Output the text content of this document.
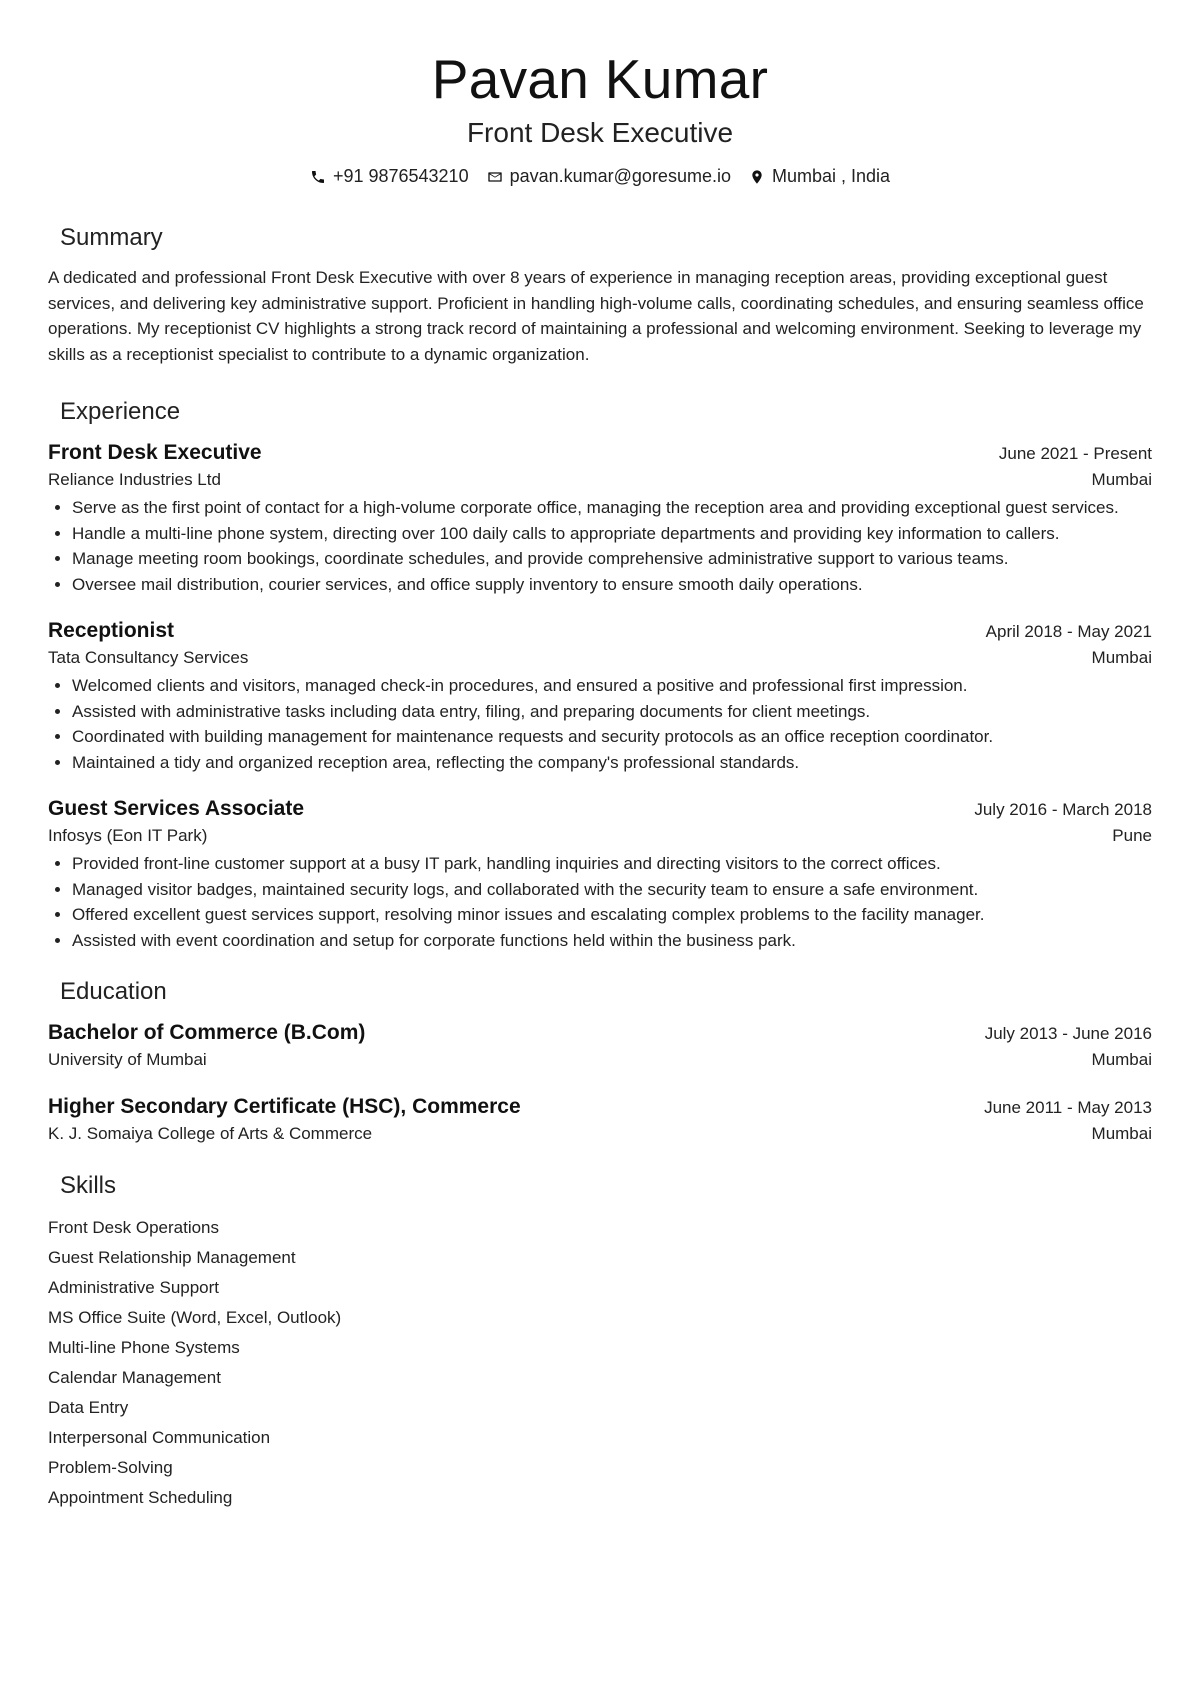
Pavan Kumar
Front Desk Executive
+91 9876543210 pavan.kumar@goresume.io Mumbai , India
Summary

A dedicated and professional Front Desk Executive with over 8 years of experience in managing reception areas, providing exceptional guest services, and delivering key administrative support. Proficient in handling high-volume calls, coordinating schedules, and ensuring seamless office operations. My receptionist CV highlights a strong track record of maintaining a professional and welcoming environment. Seeking to leverage my skills as a receptionist specialist to contribute to a dynamic organization.

Experience
Front Desk Executive	June 2021 - Present
Reliance Industries Ltd	Mumbai
• Serve as the first point of contact for a high-volume corporate office, managing the reception area and providing exceptional guest services.
• Handle a multi-line phone system, directing over 100 daily calls to appropriate departments and providing key information to callers.
• Manage meeting room bookings, coordinate schedules, and provide comprehensive administrative support to various teams.
• Oversee mail distribution, courier services, and office supply inventory to ensure smooth daily operations.
Receptionist	April 2018 - May 2021
Tata Consultancy Services	Mumbai
• Welcomed clients and visitors, managed check-in procedures, and ensured a positive and professional first impression.
• Assisted with administrative tasks including data entry, filing, and preparing documents for client meetings.
• Coordinated with building management for maintenance requests and security protocols as an office reception coordinator.
• Maintained a tidy and organized reception area, reflecting the company's professional standards.
Guest Services Associate	July 2016 - March 2018
Infosys (Eon IT Park)	Pune
• Provided front-line customer support at a busy IT park, handling inquiries and directing visitors to the correct offices.
• Managed visitor badges, maintained security logs, and collaborated with the security team to ensure a safe environment.
• Offered excellent guest services support, resolving minor issues and escalating complex problems to the facility manager.
• Assisted with event coordination and setup for corporate functions held within the business park.
Education
Bachelor of Commerce (B.Com)	July 2013 - June 2016
University of Mumbai	Mumbai
Higher Secondary Certificate (HSC), Commerce	June 2011 - May 2013
K. J. Somaiya College of Arts & Commerce	Mumbai
Skills
Front Desk Operations
Guest Relationship Management
Administrative Support
MS Office Suite (Word, Excel, Outlook)
Multi-line Phone Systems
Calendar Management
Data Entry
Interpersonal Communication
Problem-Solving
Appointment Scheduling
